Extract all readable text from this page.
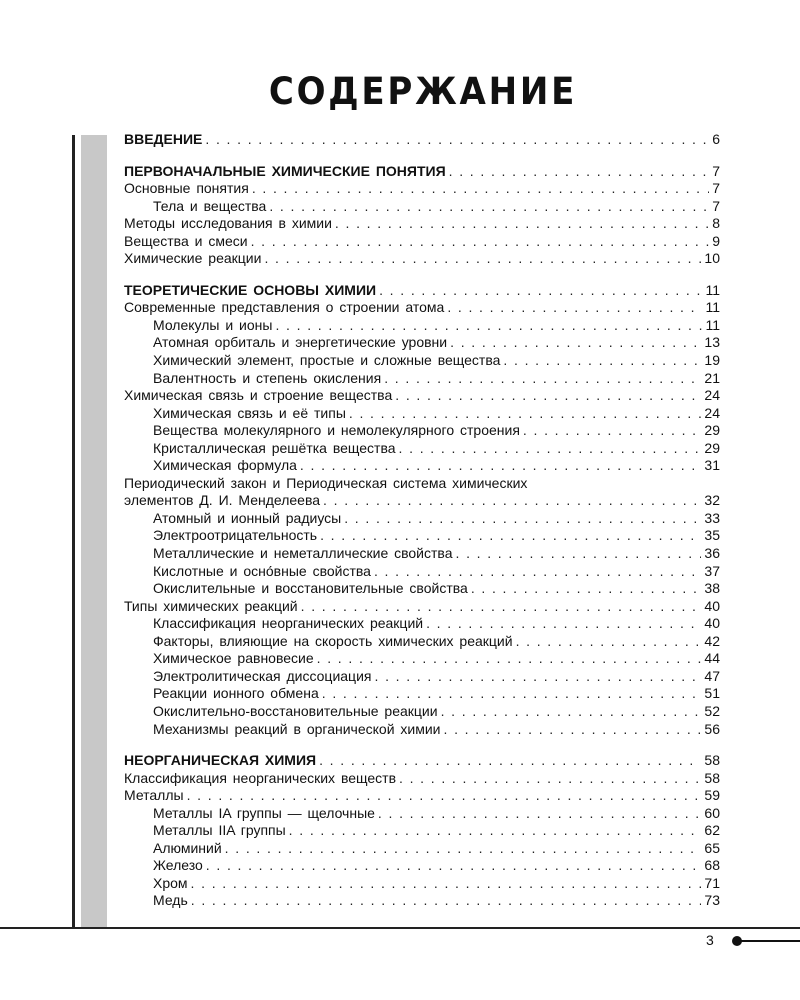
СОДЕРЖАНИЕ
ВВЕДЕНИЕ . . .	6
ПЕРВОНАЧАЛЬНЫЕ ХИМИЧЕСКИЕ ПОНЯТИЯ . . .	7
Основные понятия . . .	7
Тела и вещества . . .	7
Методы исследования в химии . . .	8
Вещества и смеси . . .	9
Химические реакции . . .	10
ТЕОРЕТИЧЕСКИЕ ОСНОВЫ ХИМИИ . . .	11
Современные представления о строении атома . . .	11
Молекулы и ионы . . .	11
Атомная орбиталь и энергетические уровни . . .	13
Химический элемент, простые и сложные вещества . . .	19
Валентность и степень окисления . . .	21
Химическая связь и строение вещества . . .	24
Химическая связь и её типы . . .	24
Вещества молекулярного и немолекулярного строения . . .	29
Кристаллическая решётка вещества . . .	29
Химическая формула . . .	31
Периодический закон и Периодическая система химических
элементов Д. И. Менделеева . . .	32
Атомный и ионный радиусы . . .	33
Электроотрицательность . . .	35
Металлические и неметаллические свойства . . .	36
Кислотные и осно́вные свойства . . .	37
Окислительные и восстановительные свойства . . .	38
Типы химических реакций . . .	40
Классификация неорганических реакций . . .	40
Факторы, влияющие на скорость химических реакций . . .	42
Химическое равновесие . . .	44
Электролитическая диссоциация . . .	47
Реакции ионного обмена . . .	51
Окислительно-восстановительные реакции . . .	52
Механизмы реакций в органической химии . . .	56
НЕОРГАНИЧЕСКАЯ ХИМИЯ . . .	58
Классификация неорганических веществ . . .	58
Металлы . . .	59
Металлы IA группы — щелочные . . .	60
Металлы IIA группы . . .	62
Алюминий . . .	65
Железо . . .	68
Хром . . .	71
Медь . . .	73
3
